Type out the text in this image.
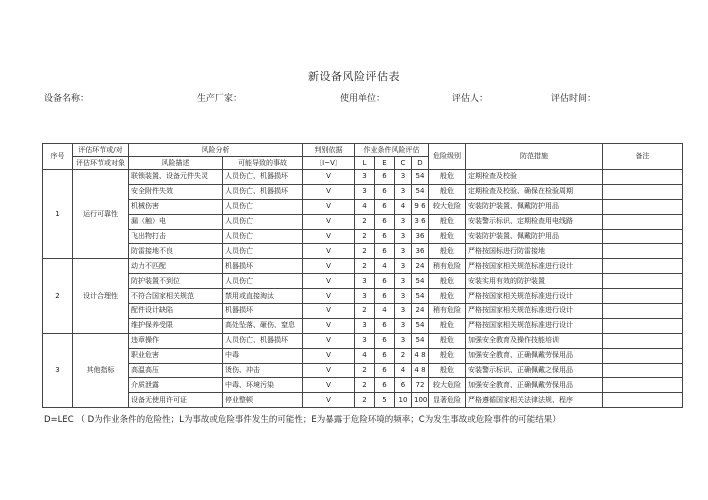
新设备风险评估表
设备名称：	生产厂家：	使用单位：	评估人：	评估时间：
序号	评估环节或/对	风险分析		判别依据	作业条件风险评估				危险级别	防范措施	备注
	评估环节或对象	风险描述	可能导致的事故	〔Ⅰ~Ⅴ〕	L	E	C	D			
1	运行可靠性	联锁装置、设备元件失灵	人员伤亡、机器损坏	V	3	6	3	54	般危	定期检查及校验	
		安全附件失效	人员伤亡、机器损坏	V	3	6	3	54	般危	定期检查及校验、确保在检验周期	
		机械伤害	人员伤亡	V	4	6	4	9 6	较大危险	安装防护装置、佩戴防护用品	
		漏（触）电	人员伤亡	V	2	6	3	3 6	般危	安装警示标识、定期检查用电线路	
		飞出物打击	人员伤亡	V	2	6	3	36	般危	安装防护装置、佩戴防护用品	
		防雷接地不良	人员伤亡	V	2	6	3	36	般危	严格按国标进行防雷接地	
2	设计合理性	动力不匹配	机器损坏	V	2	4	3	24	稍有危险	严格按国家相关规范标准进行设计	
		防护装置不到位	人员伤亡	V	3	6	3	54	般危	安装实用有效的防护装置	
		不符合国家相关规范	禁用或直接淘汰	V	3	6	3	54	般危	严格按国家相关规范标准进行设计	
		配件设计缺陷	机器损坏	V	2	4	3	24	稍有危险	严格按国家相关规范标准进行设计	
		维护保养受限	高处坠落、砸伤、窒息	V	3	6	3	54	般危	严格按国家相关规范标准进行设计	
3	其他指标	违章操作	人员伤亡、机器损坏	V	3	6	3	54	般危	加强安全教育及操作技能培训	
		职业危害	中毒	V	4	6	2	4 8	般危	加强安全教育、正确佩戴劳保用品	
		高温高压	烫伤、冲击	V	2	6	4	4 8	般危	安装警示标识、正确佩戴之保用品	
		介质泄露	中毒、环境污染	V	2	6	6	72	较大危险	加强安全教育、正确佩戴劳保用品	
		设备无使用许可证	停业整顿	V	2	5	10	100	显著危险	严格遵循国家相关法律法规、程序	
D=LEC （ D为作业条件的危险性；L为事故或危险事件发生的可能性；E为暴露于危险环境的频率；C为发生事故或危险事件的可能结果）
